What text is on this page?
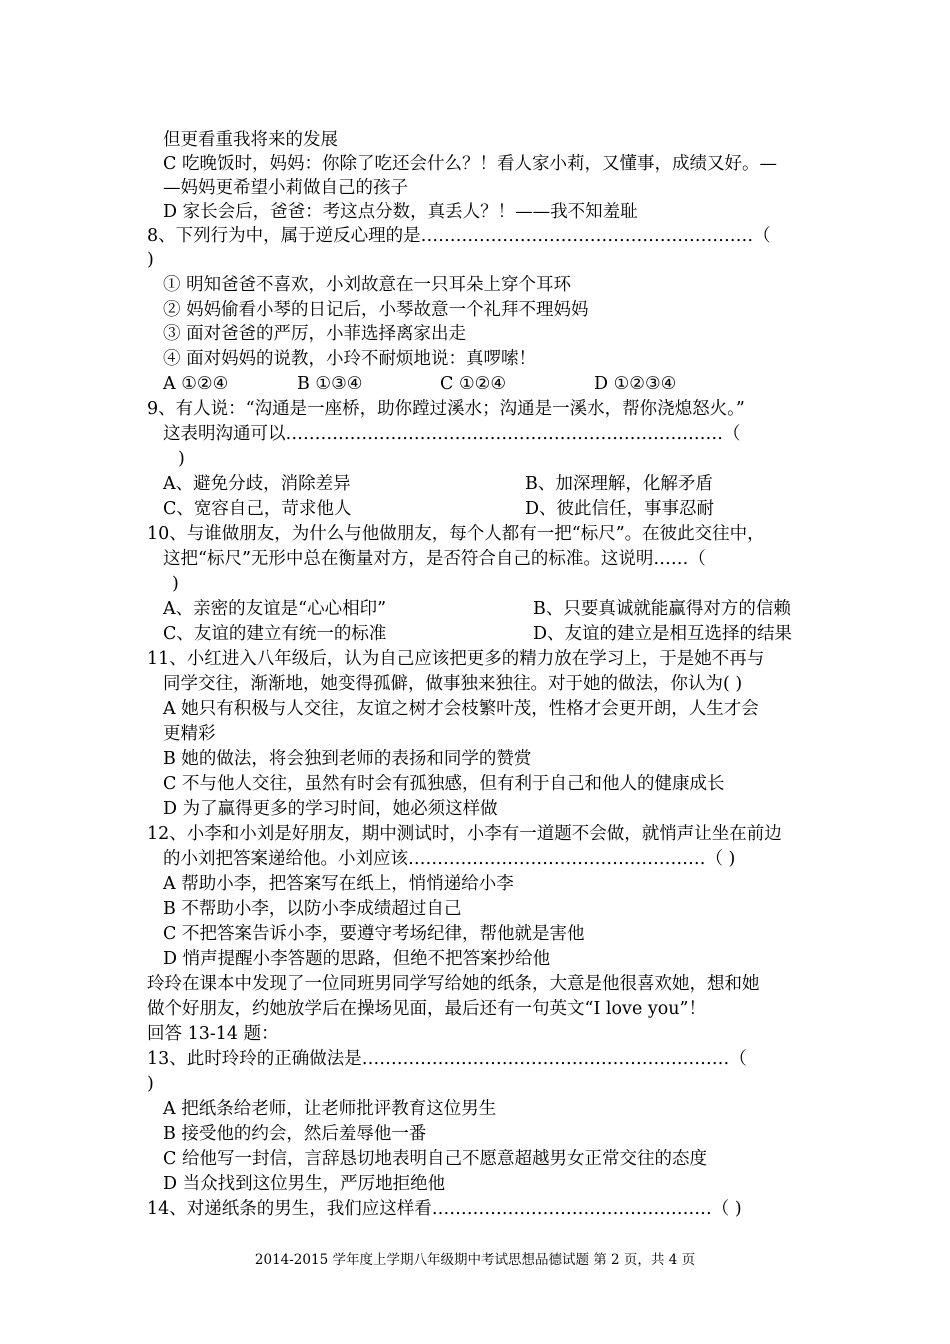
但更看重我将来的发展
C 吃晚饭时，妈妈：你除了吃还会什么？！看人家小莉，又懂事，成绩又好。—
—妈妈更希望小莉做自己的孩子
D 家长会后，爸爸：考这点分数，真丢人？！——我不知羞耻
8、下列行为中，属于逆反心理的是…………………………………………………（
)
① 明知爸爸不喜欢，小刘故意在一只耳朵上穿个耳环
② 妈妈偷看小琴的日记后，小琴故意一个礼拜不理妈妈
③ 面对爸爸的严厉，小菲选择离家出走
④ 面对妈妈的说教，小玲不耐烦地说：真啰嗦！
A ①②④	B ①③④	C ①②④	D ①②③④
9、有人说：“沟通是一座桥，助你蹚过溪水；沟通是一溪水，帮你浇熄怒火。”
这表明沟通可以…………………………………………………………………（
)
A、避免分歧，消除差异	B、加深理解，化解矛盾
C、宽容自己，苛求他人	D、彼此信任，事事忍耐
10、与谁做朋友，为什么与他做朋友，每个人都有一把“标尺”。在彼此交往中，
这把“标尺”无形中总在衡量对方，是否符合自己的标准。这说明……（
)
A、亲密的友谊是“心心相印”	B、只要真诚就能赢得对方的信赖
C、友谊的建立有统一的标准	D、友谊的建立是相互选择的结果
11、小红进入八年级后，认为自己应该把更多的精力放在学习上，于是她不再与
同学交往，渐渐地，她变得孤僻，做事独来独往。对于她的做法，你认为( )
A 她只有积极与人交往，友谊之树才会枝繁叶茂，性格才会更开朗，人生才会
更精彩
B 她的做法，将会独到老师的表扬和同学的赞赏
C 不与他人交往，虽然有时会有孤独感，但有利于自己和他人的健康成长
D 为了赢得更多的学习时间，她必须这样做
12、小李和小刘是好朋友，期中测试时，小李有一道题不会做，就悄声让坐在前边
的小刘把答案递给他。小刘应该……………………………………………（ )
A 帮助小李，把答案写在纸上，悄悄递给小李
B 不帮助小李，以防小李成绩超过自己
C 不把答案告诉小李，要遵守考场纪律，帮他就是害他
D 悄声提醒小李答题的思路，但绝不把答案抄给他
玲玲在课本中发现了一位同班男同学写给她的纸条，大意是他很喜欢她，想和她
做个好朋友，约她放学后在操场见面，最后还有一句英文“I love you”！
回答 13-14 题：
13、此时玲玲的正确做法是………………………………………………………（
)
A 把纸条给老师，让老师批评教育这位男生
B 接受他的约会，然后羞辱他一番
C 给他写一封信，言辞恳切地表明自己不愿意超越男女正常交往的态度
D 当众找到这位男生，严厉地拒绝他
14、对递纸条的男生，我们应这样看…………………………………………（ )
2014-2015 学年度上学期八年级期中考试思想品德试题 第 2 页，共 4 页
